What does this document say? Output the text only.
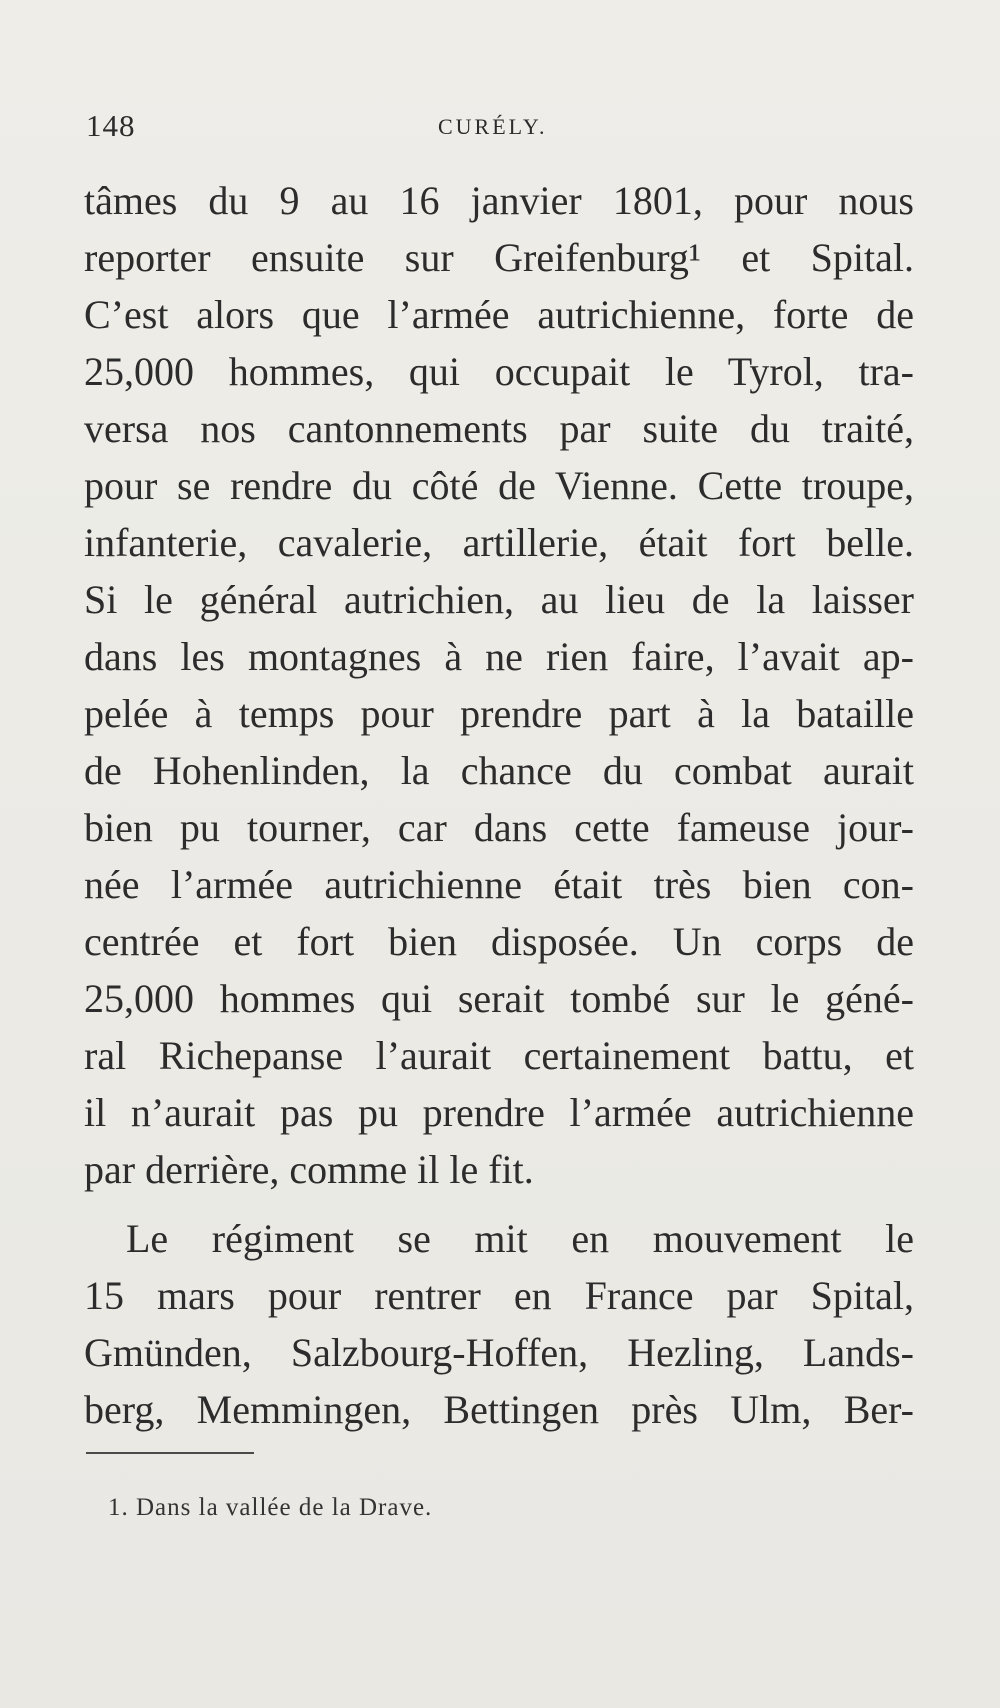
148	CURÉLY.
tâmes du 9 au 16 janvier 1801, pour nous
reporter ensuite sur Greifenburg¹ et Spital.
C’est alors que l’armée autrichienne, forte de
25,000 hommes, qui occupait le Tyrol, tra-
versa nos cantonnements par suite du traité,
pour se rendre du côté de Vienne. Cette troupe,
infanterie, cavalerie, artillerie, était fort belle.
Si le général autrichien, au lieu de la laisser
dans les montagnes à ne rien faire, l’avait ap-
pelée à temps pour prendre part à la bataille
de Hohenlinden, la chance du combat aurait
bien pu tourner, car dans cette fameuse jour-
née l’armée autrichienne était très bien con-
centrée et fort bien disposée. Un corps de
25,000 hommes qui serait tombé sur le géné-
ral Richepanse l’aurait certainement battu, et
il n’aurait pas pu prendre l’armée autrichienne
par derrière, comme il le fit.
Le régiment se mit en mouvement le
15 mars pour rentrer en France par Spital,
Gmünden, Salzbourg-Hoffen, Hezling, Lands-
berg, Memmingen, Bettingen près Ulm, Ber-
1. Dans la vallée de la Drave.
